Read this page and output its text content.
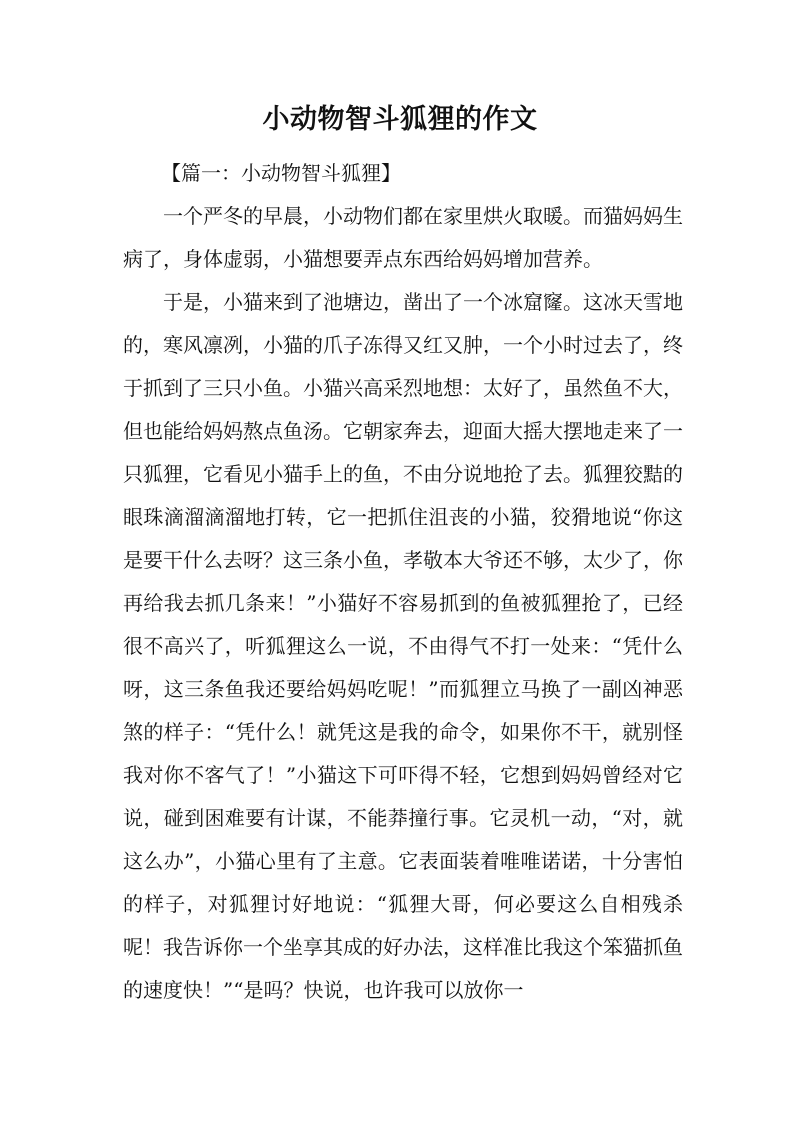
小动物智斗狐狸的作文

【篇一：小动物智斗狐狸】

一个严冬的早晨，小动物们都在家里烘火取暖。而猫妈妈生病了，身体虚弱，小猫想要弄点东西给妈妈增加营养。

于是，小猫来到了池塘边，凿出了一个冰窟窿。这冰天雪地的，寒风凛冽，小猫的爪子冻得又红又肿，一个小时过去了，终于抓到了三只小鱼。小猫兴高采烈地想：太好了，虽然鱼不大，但也能给妈妈熬点鱼汤。它朝家奔去，迎面大摇大摆地走来了一只狐狸，它看见小猫手上的鱼，不由分说地抢了去。狐狸狡黠的眼珠滴溜滴溜地打转，它一把抓住沮丧的小猫，狡猾地说“你这是要干什么去呀？这三条小鱼，孝敬本大爷还不够，太少了，你再给我去抓几条来！”小猫好不容易抓到的鱼被狐狸抢了，已经很不高兴了，听狐狸这么一说，不由得气不打一处来：“凭什么呀，这三条鱼我还要给妈妈吃呢！”而狐狸立马换了一副凶神恶煞的样子：“凭什么！就凭这是我的命令，如果你不干，就别怪我对你不客气了！”小猫这下可吓得不轻，它想到妈妈曾经对它说，碰到困难要有计谋，不能莽撞行事。它灵机一动，“对，就这么办”，小猫心里有了主意。它表面装着唯唯诺诺，十分害怕的样子，对狐狸讨好地说：“狐狸大哥，何必要这么自相残杀呢！我告诉你一个坐享其成的好办法，这样准比我这个笨猫抓鱼的速度快！”“是吗？快说，也许我可以放你一
